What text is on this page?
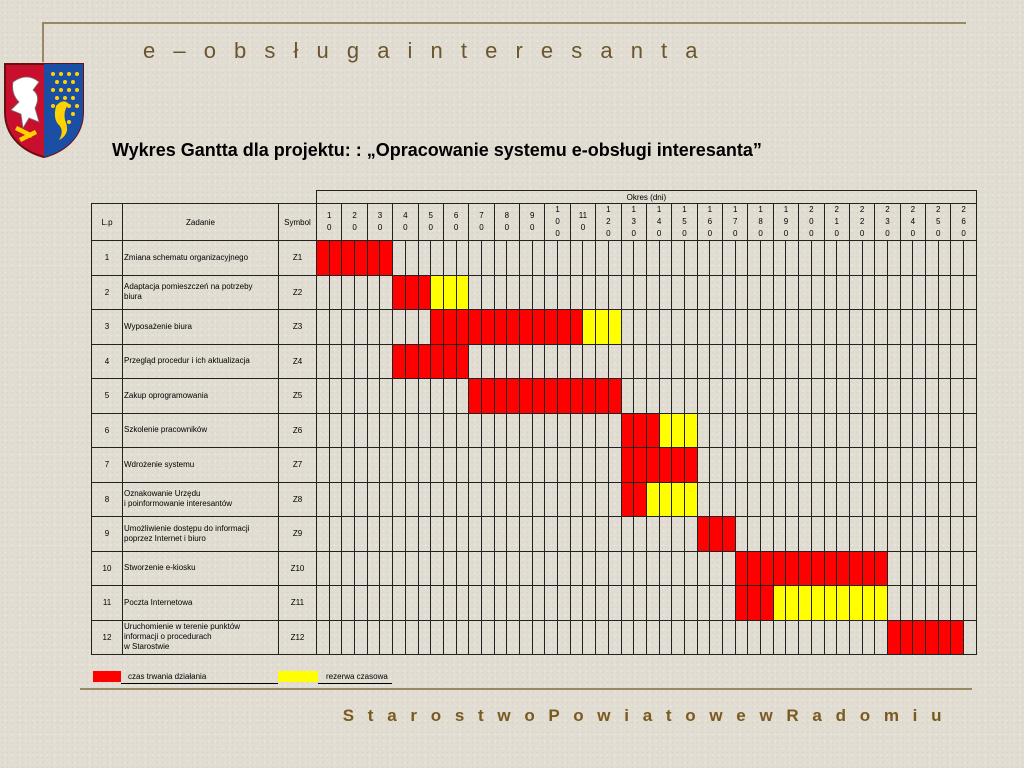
e – o b s ł u g a i n t e r e s a n t a
Wykres Gantta dla projektu: : „Opracowanie systemu e-obsługi interesanta”
			Okres (dni)																																																			
L.p	Zadanie	Symbol	10		20		30		40		50		60		70		80		90		100		110		120		130		140		150		160		170		180		190		200		210		220		230		240		250		260	
1	Zmiana schematu organizacyjnego	Z1																																																				
2	Adaptacja pomieszczeń na potrzeby
biura	Z2																																																				
3	Wyposażenie biura	Z3																																																				
4	Przegląd procedur i ich aktualizacja	Z4																																																				
5	Zakup oprogramowania	Z5																																																				
6	Szkolenie pracowników	Z6																																																				
7	Wdrożenie systemu	Z7																																																				
8	Oznakowanie Urzędu
i poinformowanie interesantów	Z8																																																				
9	Umożliwienie dostępu do informacji
poprzez Internet i biuro	Z9																																																				
10	Stworzenie e-kiosku	Z10																																																				
11	Poczta Internetowa	Z11																																																				
12	Uruchomienie w terenie punktów
informacji o procedurach
w Starostwie	Z12																																																				
czas trwania działania	rezerwa czasowa
S t a r o s t w o P o w i a t o w e w R a d o m i u
